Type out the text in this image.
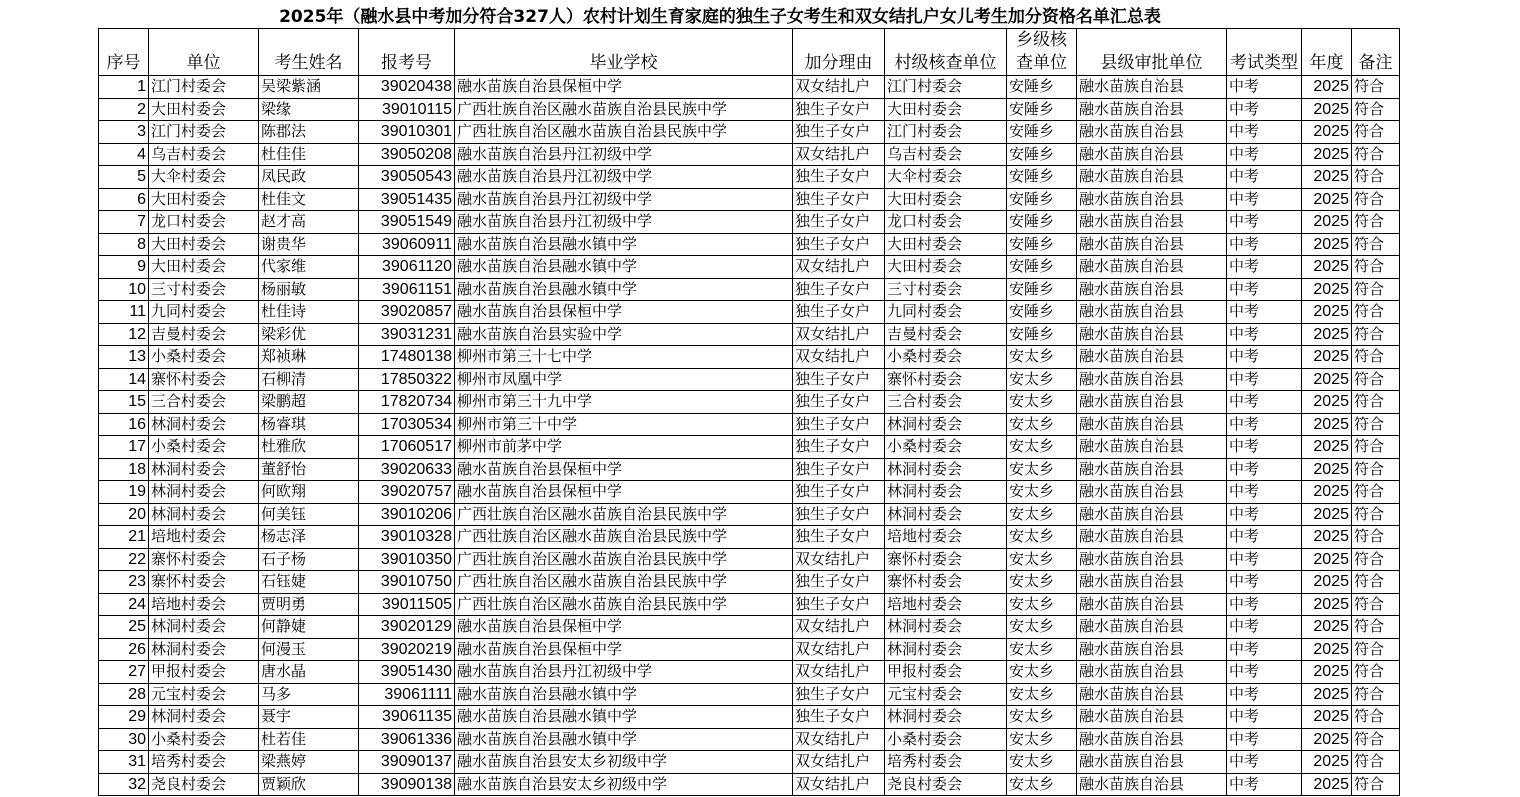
2025年（融水县中考加分符合327人）农村计划生育家庭的独生子女考生和双女结扎户女儿考生加分资格名单汇总表
序号	单位	考生姓名	报考号	毕业学校	加分理由	村级核查单位	乡级核查单位	县级审批单位	考试类型	年度	备注
1	江门村委会	吴梁紫涵	39020438	融水苗族自治县保桓中学	双女结扎户	江门村委会	安陲乡	融水苗族自治县	中考	2025	符合
2	大田村委会	梁缘	39010115	广西壮族自治区融水苗族自治县民族中学	独生子女户	大田村委会	安陲乡	融水苗族自治县	中考	2025	符合
3	江门村委会	陈郡法	39010301	广西壮族自治区融水苗族自治县民族中学	独生子女户	江门村委会	安陲乡	融水苗族自治县	中考	2025	符合
4	乌吉村委会	杜佳佳	39050208	融水苗族自治县丹江初级中学	双女结扎户	乌吉村委会	安陲乡	融水苗族自治县	中考	2025	符合
5	大伞村委会	凤民政	39050543	融水苗族自治县丹江初级中学	独生子女户	大伞村委会	安陲乡	融水苗族自治县	中考	2025	符合
6	大田村委会	杜佳文	39051435	融水苗族自治县丹江初级中学	独生子女户	大田村委会	安陲乡	融水苗族自治县	中考	2025	符合
7	龙口村委会	赵才高	39051549	融水苗族自治县丹江初级中学	独生子女户	龙口村委会	安陲乡	融水苗族自治县	中考	2025	符合
8	大田村委会	谢贵华	39060911	融水苗族自治县融水镇中学	独生子女户	大田村委会	安陲乡	融水苗族自治县	中考	2025	符合
9	大田村委会	代家维	39061120	融水苗族自治县融水镇中学	双女结扎户	大田村委会	安陲乡	融水苗族自治县	中考	2025	符合
10	三寸村委会	杨丽敏	39061151	融水苗族自治县融水镇中学	独生子女户	三寸村委会	安陲乡	融水苗族自治县	中考	2025	符合
11	九同村委会	杜佳诗	39020857	融水苗族自治县保桓中学	独生子女户	九同村委会	安陲乡	融水苗族自治县	中考	2025	符合
12	吉曼村委会	梁彩优	39031231	融水苗族自治县实验中学	双女结扎户	吉曼村委会	安陲乡	融水苗族自治县	中考	2025	符合
13	小桑村委会	郑祯琳	17480138	柳州市第三十七中学	双女结扎户	小桑村委会	安太乡	融水苗族自治县	中考	2025	符合
14	寨怀村委会	石柳清	17850322	柳州市凤凰中学	独生子女户	寨怀村委会	安太乡	融水苗族自治县	中考	2025	符合
15	三合村委会	梁鹏超	17820734	柳州市第三十九中学	独生子女户	三合村委会	安太乡	融水苗族自治县	中考	2025	符合
16	林洞村委会	杨睿琪	17030534	柳州市第三十中学	独生子女户	林洞村委会	安太乡	融水苗族自治县	中考	2025	符合
17	小桑村委会	杜雅欣	17060517	柳州市前茅中学	独生子女户	小桑村委会	安太乡	融水苗族自治县	中考	2025	符合
18	林洞村委会	董舒怡	39020633	融水苗族自治县保桓中学	独生子女户	林洞村委会	安太乡	融水苗族自治县	中考	2025	符合
19	林洞村委会	何欧翔	39020757	融水苗族自治县保桓中学	独生子女户	林洞村委会	安太乡	融水苗族自治县	中考	2025	符合
20	林洞村委会	何美钰	39010206	广西壮族自治区融水苗族自治县民族中学	独生子女户	林洞村委会	安太乡	融水苗族自治县	中考	2025	符合
21	培地村委会	杨志泽	39010328	广西壮族自治区融水苗族自治县民族中学	独生子女户	培地村委会	安太乡	融水苗族自治县	中考	2025	符合
22	寨怀村委会	石子杨	39010350	广西壮族自治区融水苗族自治县民族中学	双女结扎户	寨怀村委会	安太乡	融水苗族自治县	中考	2025	符合
23	寨怀村委会	石钰婕	39010750	广西壮族自治区融水苗族自治县民族中学	独生子女户	寨怀村委会	安太乡	融水苗族自治县	中考	2025	符合
24	培地村委会	贾明勇	39011505	广西壮族自治区融水苗族自治县民族中学	独生子女户	培地村委会	安太乡	融水苗族自治县	中考	2025	符合
25	林洞村委会	何静婕	39020129	融水苗族自治县保桓中学	双女结扎户	林洞村委会	安太乡	融水苗族自治县	中考	2025	符合
26	林洞村委会	何漫玉	39020219	融水苗族自治县保桓中学	双女结扎户	林洞村委会	安太乡	融水苗族自治县	中考	2025	符合
27	甲报村委会	唐水晶	39051430	融水苗族自治县丹江初级中学	双女结扎户	甲报村委会	安太乡	融水苗族自治县	中考	2025	符合
28	元宝村委会	马多	39061111	融水苗族自治县融水镇中学	独生子女户	元宝村委会	安太乡	融水苗族自治县	中考	2025	符合
29	林洞村委会	聂宇	39061135	融水苗族自治县融水镇中学	独生子女户	林洞村委会	安太乡	融水苗族自治县	中考	2025	符合
30	小桑村委会	杜若佳	39061336	融水苗族自治县融水镇中学	双女结扎户	小桑村委会	安太乡	融水苗族自治县	中考	2025	符合
31	培秀村委会	梁燕婷	39090137	融水苗族自治县安太乡初级中学	双女结扎户	培秀村委会	安太乡	融水苗族自治县	中考	2025	符合
32	尧良村委会	贾颖欣	39090138	融水苗族自治县安太乡初级中学	双女结扎户	尧良村委会	安太乡	融水苗族自治县	中考	2025	符合
